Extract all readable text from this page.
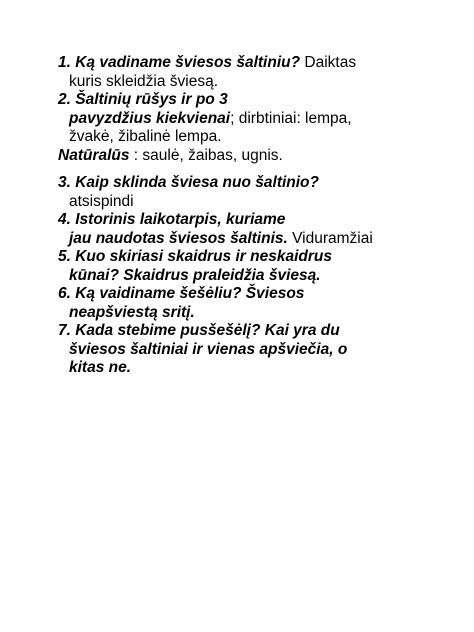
1. Ką vadiname šviesos šaltiniu? Daiktas
kuris skleidžia šviesą.
2. Šaltinių rūšys ir po 3
pavyzdžius kiekvienai; dirbtiniai: lempa,
žvakė, žibalinė lempa.
Natūralūs : saulė, žaibas, ugnis.
3. Kaip sklinda šviesa nuo šaltinio?
atsispindi
4. Istorinis laikotarpis, kuriame
jau naudotas šviesos šaltinis. Viduramžiai
5. Kuo skiriasi skaidrus ir neskaidrus
kūnai? Skaidrus praleidžia šviesą.
6. Ką vaidiname šešėliu? Šviesos
neapšviestą sritį.
7. Kada stebime pusšešėlį? Kai yra du
šviesos šaltiniai ir vienas apšviečia, o
kitas ne.
